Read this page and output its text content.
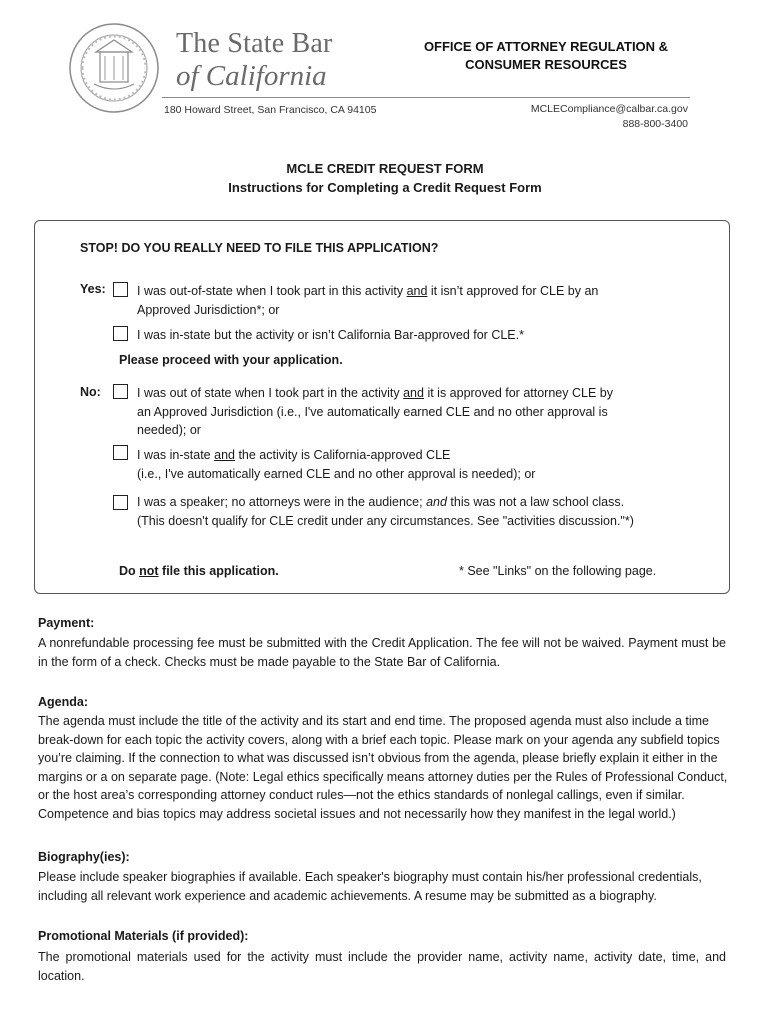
The State Bar
of California
180 Howard Street, San Francisco, CA 94105
OFFICE OF ATTORNEY REGULATION &
CONSUMER RESOURCES
MCLECompliance@calbar.ca.gov
888-800-3400
MCLE CREDIT REQUEST FORM
Instructions for Completing a Credit Request Form
STOP! DO YOU REALLY NEED TO FILE THIS APPLICATION?
Yes:	I was out-of-state when I took part in this activity and it isn’t approved for CLE by an
Approved Jurisdiction*; or
I was in-state but the activity or isn’t California Bar-approved for CLE.*
Please proceed with your application.
No:	I was out of state when I took part in the activity and it is approved for attorney CLE by
an Approved Jurisdiction (i.e., I've automatically earned CLE and no other approval is
needed); or
I was in-state and the activity is California-approved CLE
(i.e., I've automatically earned CLE and no other approval is needed); or
I was a speaker; no attorneys were in the audience; and this was not a law school class.
(This doesn't qualify for CLE credit under any circumstances. See "activities discussion."*)
Do not file this application.	* See "Links" on the following page.
Payment:
A nonrefundable processing fee must be submitted with the Credit Application. The fee will not be waived. Payment must be in the form of a check. Checks must be made payable to the State Bar of California.
Agenda:
The agenda must include the title of the activity and its start and end time. The proposed agenda must also include a time break-down for each topic the activity covers, along with a brief each topic. Please mark on your agenda any subfield topics you’re claiming. If the connection to what was discussed isn’t obvious from the agenda, please briefly explain it either in the margins or a on separate page. (Note: Legal ethics specifically means attorney duties per the Rules of Professional Conduct, or the host area’s corresponding attorney conduct rules—not the ethics standards of nonlegal callings, even if similar. Competence and bias topics may address societal issues and not necessarily how they manifest in the legal world.)
Biography(ies):
Please include speaker biographies if available. Each speaker's biography must contain his/her professional credentials, including all relevant work experience and academic achievements. A resume may be submitted as a biography.
Promotional Materials (if provided):
The promotional materials used for the activity must include the provider name, activity name, activity date, time, and location.
